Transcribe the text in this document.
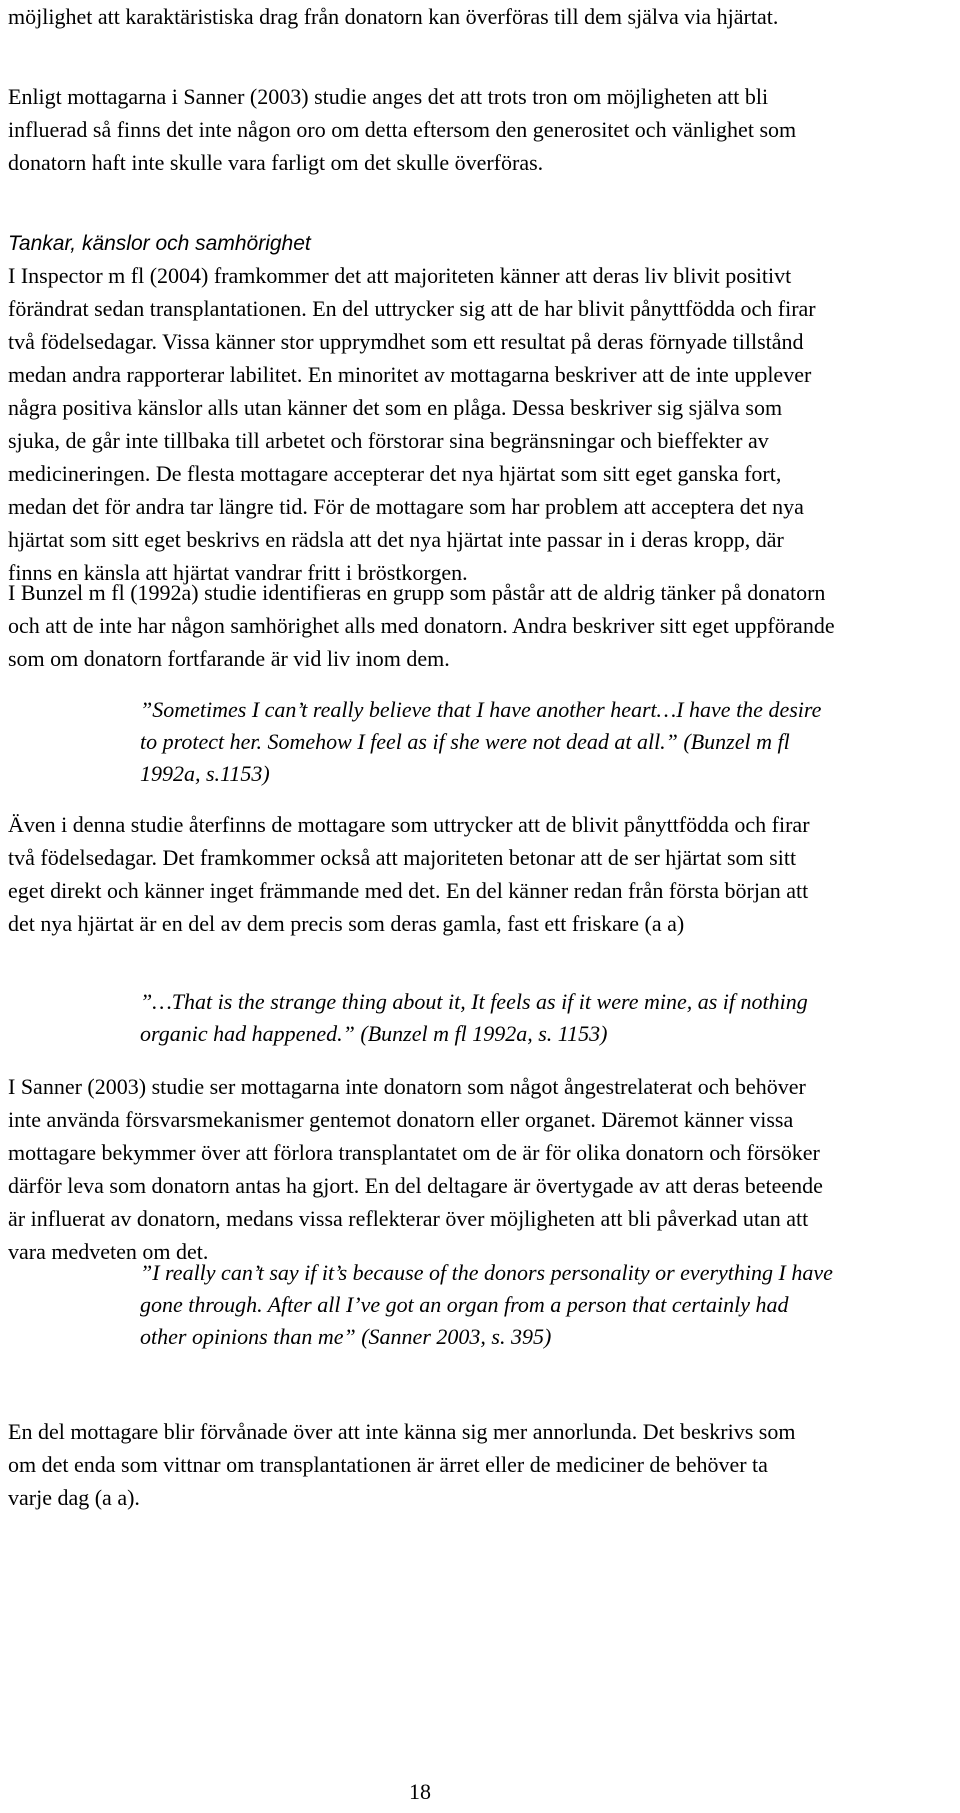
möjlighet att karaktäristiska drag från donatorn kan överföras till dem själva via hjärtat.

Enligt mottagarna i Sanner (2003) studie anges det att trots tron om möjligheten att bli influerad så finns det inte någon oro om detta eftersom den generositet och vänlighet som donatorn haft inte skulle vara farligt om det skulle överföras.

Tankar, känslor och samhörighet

I Inspector m fl (2004) framkommer det att majoriteten känner att deras liv blivit positivt förändrat sedan transplantationen. En del uttrycker sig att de har blivit pånyttfödda och firar två födelsedagar. Vissa känner stor upprymdhet som ett resultat på deras förnyade tillstånd medan andra rapporterar labilitet. En minoritet av mottagarna beskriver att de inte upplever några positiva känslor alls utan känner det som en plåga. Dessa beskriver sig själva som sjuka, de går inte tillbaka till arbetet och förstorar sina begränsningar och bieffekter av medicineringen. De flesta mottagare accepterar det nya hjärtat som sitt eget ganska fort, medan det för andra tar längre tid. För de mottagare som har problem att acceptera det nya hjärtat som sitt eget beskrivs en rädsla att det nya hjärtat inte passar in i deras kropp, där finns en känsla att hjärtat vandrar fritt i bröstkorgen.

I Bunzel m fl (1992a) studie identifieras en grupp som påstår att de aldrig tänker på donatorn och att de inte har någon samhörighet alls med donatorn. Andra beskriver sitt eget uppförande som om donatorn fortfarande är vid liv inom dem.

”Sometimes I can’t really believe that I have another heart…I have the desire to protect her. Somehow I feel as if she were not dead at all.” (Bunzel m fl 1992a, s.1153)

Även i denna studie återfinns de mottagare som uttrycker att de blivit pånyttfödda och firar två födelsedagar. Det framkommer också att majoriteten betonar att de ser hjärtat som sitt eget direkt och känner inget främmande med det. En del känner redan från första början att det nya hjärtat är en del av dem precis som deras gamla, fast ett friskare (a a)

”…That is the strange thing about it, It feels as if it were mine, as if nothing organic had happened.” (Bunzel m fl 1992a, s. 1153)

I Sanner (2003) studie ser mottagarna inte donatorn som något ångestrelaterat och behöver inte använda försvarsmekanismer gentemot donatorn eller organet. Däremot känner vissa mottagare bekymmer över att förlora transplantatet om de är för olika donatorn och försöker därför leva som donatorn antas ha gjort. En del deltagare är övertygade av att deras beteende är influerat av donatorn, medans vissa reflekterar över möjligheten att bli påverkad utan att vara medveten om det.

”I really can’t say if it’s because of the donors personality or everything I have gone through. After all I’ve got an organ from a person that certainly had other opinions than me” (Sanner 2003, s. 395)

En del mottagare blir förvånade över att inte känna sig mer annorlunda. Det beskrivs som om det enda som vittnar om transplantationen är ärret eller de mediciner de behöver ta varje dag (a a).

18
